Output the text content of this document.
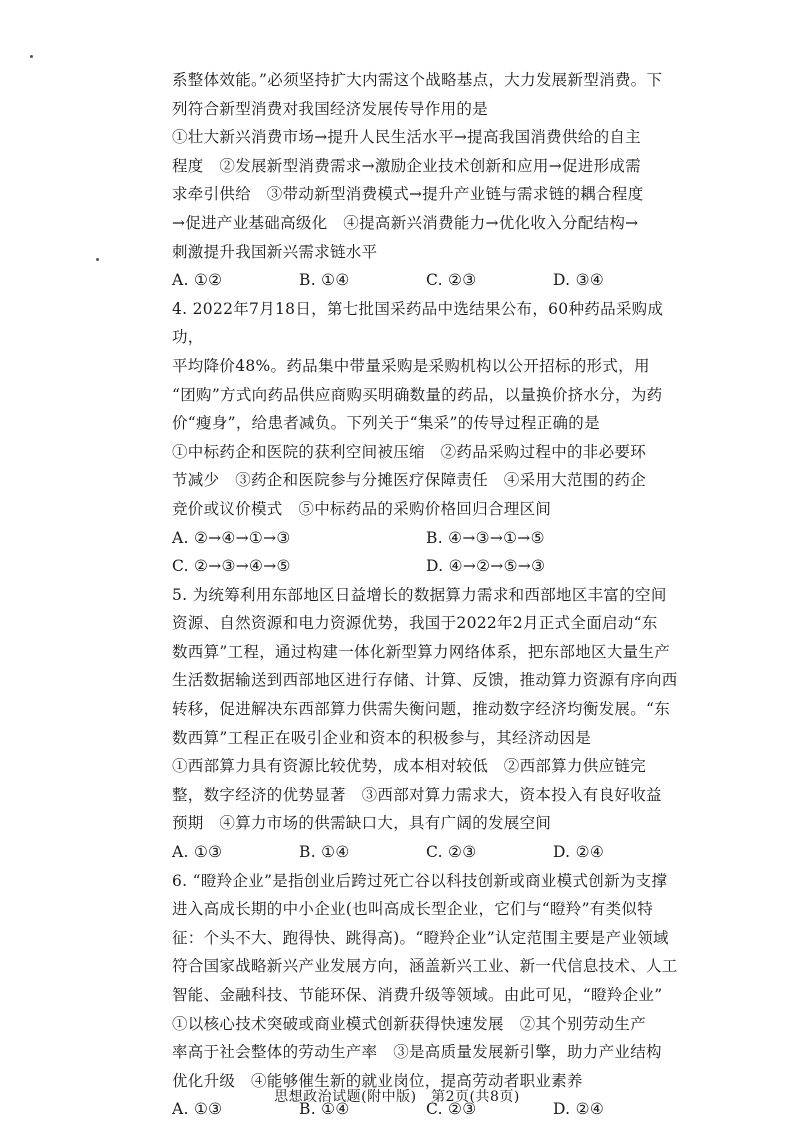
系整体效能。”必须坚持扩大内需这个战略基点，大力发展新型消费。下
列符合新型消费对我国经济发展传导作用的是
①壮大新兴消费市场→提升人民生活水平→提高我国消费供给的自主
程度　②发展新型消费需求→激励企业技术创新和应用→促进形成需
求牵引供给　③带动新型消费模式→提升产业链与需求链的耦合程度
→促进产业基础高级化　④提高新兴消费能力→优化收入分配结构→
刺激提升我国新兴需求链水平
A. ①②	B. ①④	C. ②③	D. ③④
4. 2022年7月18日，第七批国采药品中选结果公布，60种药品采购成功，
平均降价48%。药品集中带量采购是采购机构以公开招标的形式，用
“团购”方式向药品供应商购买明确数量的药品，以量换价挤水分，为药
价“瘦身”，给患者减负。下列关于“集采”的传导过程正确的是
①中标药企和医院的获利空间被压缩　②药品采购过程中的非必要环
节减少　③药企和医院参与分摊医疗保障责任　④采用大范围的药企
竞价或议价模式　⑤中标药品的采购价格回归合理区间
A. ②→④→①→③	B. ④→③→①→⑤
C. ②→③→④→⑤	D. ④→②→⑤→③
5. 为统筹利用东部地区日益增长的数据算力需求和西部地区丰富的空间
资源、自然资源和电力资源优势，我国于2022年2月正式全面启动“东
数西算”工程，通过构建一体化新型算力网络体系，把东部地区大量生产
生活数据输送到西部地区进行存储、计算、反馈，推动算力资源有序向西
转移，促进解决东西部算力供需失衡问题，推动数字经济均衡发展。“东
数西算”工程正在吸引企业和资本的积极参与，其经济动因是
①西部算力具有资源比较优势，成本相对较低　②西部算力供应链完
整，数字经济的优势显著　③西部对算力需求大，资本投入有良好收益
预期　④算力市场的供需缺口大，具有广阔的发展空间
A. ①③	B. ①④	C. ②③	D. ②④
6. “瞪羚企业”是指创业后跨过死亡谷以科技创新或商业模式创新为支撑
进入高成长期的中小企业(也叫高成长型企业，它们与“瞪羚”有类似特
征：个头不大、跑得快、跳得高)。“瞪羚企业”认定范围主要是产业领域
符合国家战略新兴产业发展方向，涵盖新兴工业、新一代信息技术、人工
智能、金融科技、节能环保、消费升级等领域。由此可见，“瞪羚企业”
①以核心技术突破或商业模式创新获得快速发展　②其个别劳动生产
率高于社会整体的劳动生产率　③是高质量发展新引擎，助力产业结构
优化升级　④能够催生新的就业岗位，提高劳动者职业素养
A. ①③	B. ①④	C. ②③	D. ②④
思想政治试题(附中版)　第2页(共8页)
